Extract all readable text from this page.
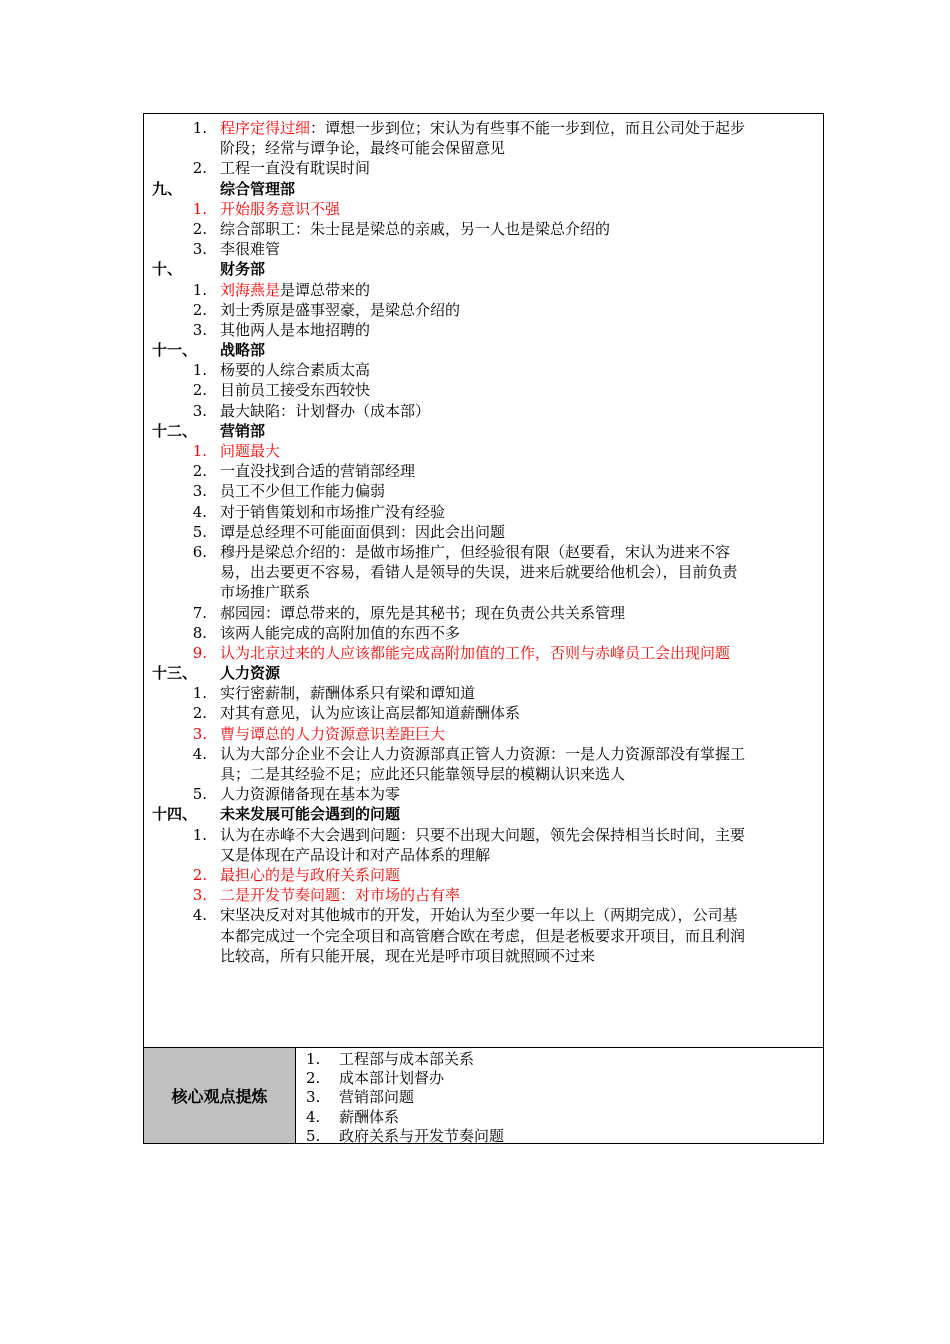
1. 程序定得过细：谭想一步到位；宋认为有些事不能一步到位，而且公司处于起步
阶段；经常与谭争论，最终可能会保留意见
2. 工程一直没有耽误时间
九、	综合管理部
1. 开始服务意识不强
2. 综合部职工：朱士昆是梁总的亲戚，另一人也是梁总介绍的
3. 李很难管
十、	财务部
1. 刘海燕是是谭总带来的
2. 刘士秀原是盛事翌豪，是梁总介绍的
3. 其他两人是本地招聘的
十一、 战略部
1. 杨要的人综合素质太高
2. 目前员工接受东西较快
3. 最大缺陷：计划督办（成本部）
十二、 营销部
1. 问题最大
2. 一直没找到合适的营销部经理
3. 员工不少但工作能力偏弱
4. 对于销售策划和市场推广没有经验
5. 谭是总经理不可能面面俱到：因此会出问题
6. 穆丹是梁总介绍的：是做市场推广，但经验很有限（赵要看，宋认为进来不容
易，出去要更不容易，看错人是领导的失误，进来后就要给他机会），目前负责
市场推广联系
7. 郝园园：谭总带来的，原先是其秘书；现在负责公共关系管理
8. 该两人能完成的高附加值的东西不多
9. 认为北京过来的人应该都能完成高附加值的工作，否则与赤峰员工会出现问题
十三、 人力资源
1. 实行密薪制，薪酬体系只有梁和谭知道
2. 对其有意见，认为应该让高层都知道薪酬体系
3. 曹与谭总的人力资源意识差距巨大
4. 认为大部分企业不会让人力资源部真正管人力资源：一是人力资源部没有掌握工
具；二是其经验不足；应此还只能靠领导层的模糊认识来选人
5. 人力资源储备现在基本为零
十四、 未来发展可能会遇到的问题
1. 认为在赤峰不大会遇到问题：只要不出现大问题，领先会保持相当长时间，主要
又是体现在产品设计和对产品体系的理解
2. 最担心的是与政府关系问题
3. 二是开发节奏问题：对市场的占有率
4. 宋坚决反对对其他城市的开发，开始认为至少要一年以上（两期完成），公司基
本都完成过一个完全项目和高管磨合欧在考虑，但是老板要求开项目，而且利润
比较高，所有只能开展，现在光是呼市项目就照顾不过来
核心观点提炼
1. 工程部与成本部关系
2. 成本部计划督办
3. 营销部问题
4. 薪酬体系
5. 政府关系与开发节奏问题
